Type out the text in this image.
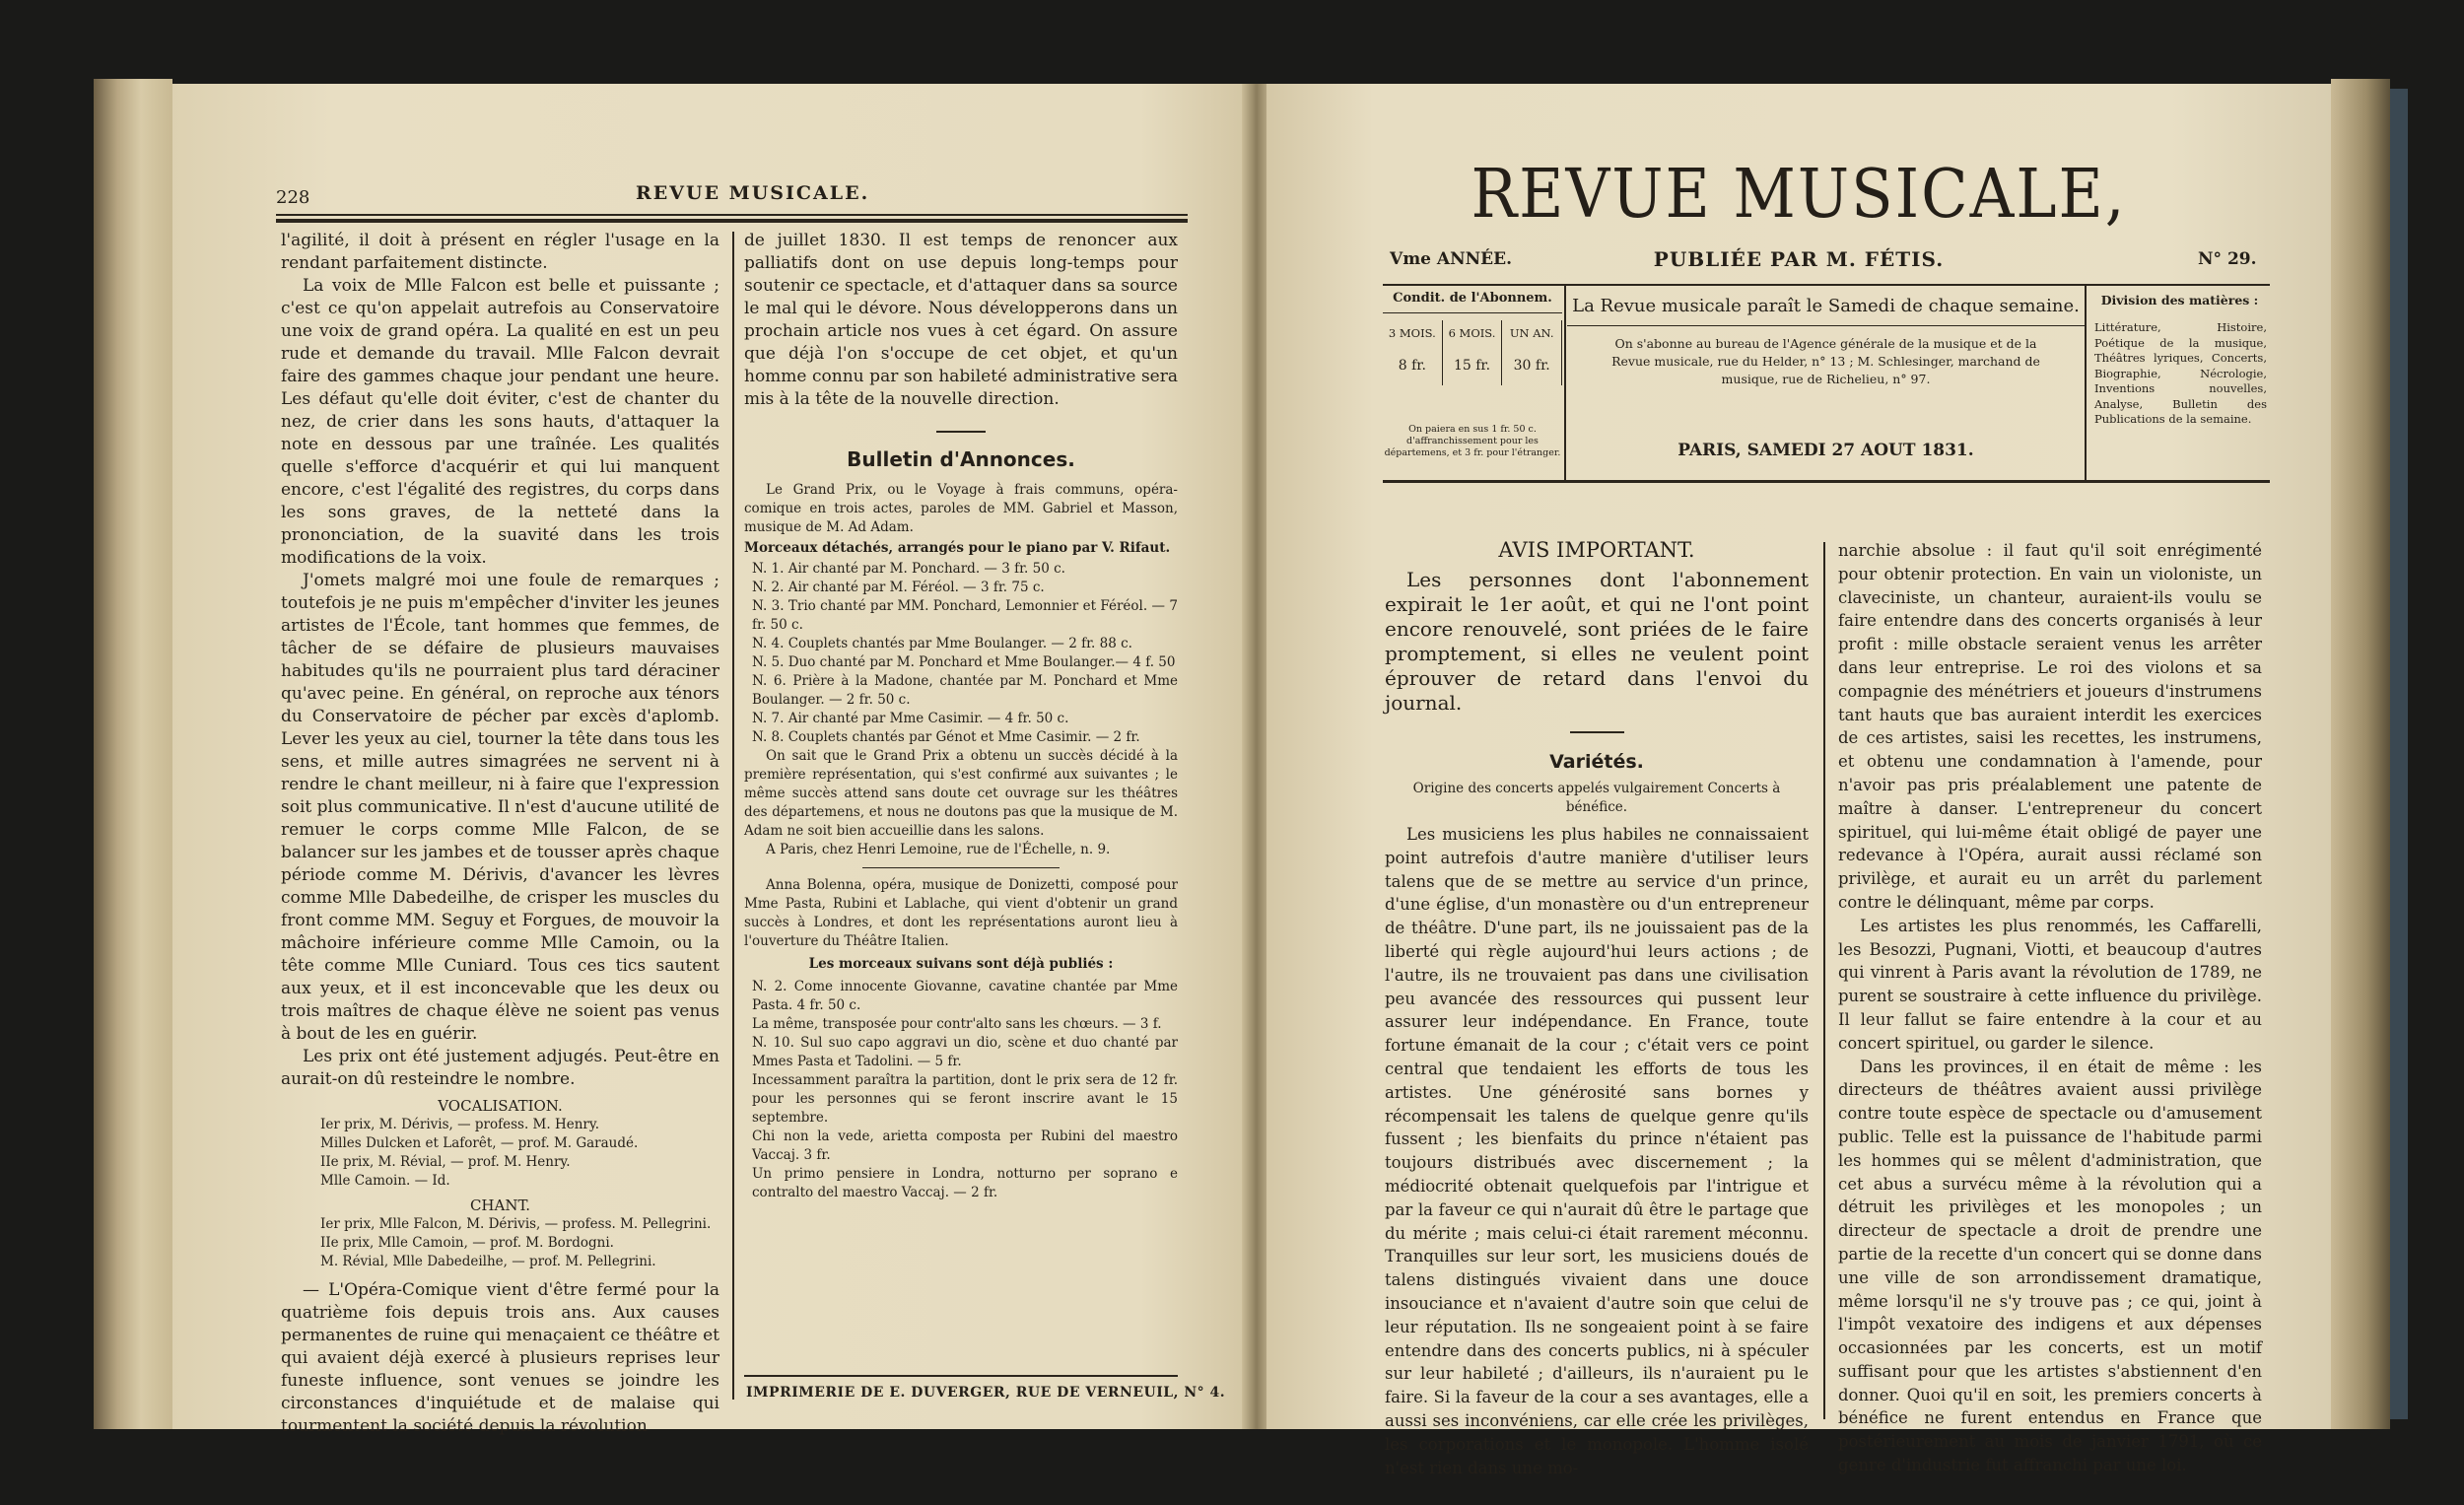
228	REVUE MUSICALE.

l'agilité, il doit à présent en régler l'usage en la rendant parfaitement distincte.

La voix de Mlle Falcon est belle et puissante ; c'est ce qu'on appelait autrefois au Conservatoire une voix de grand opéra. La qualité en est un peu rude et demande du travail. Mlle Falcon devrait faire des gammes chaque jour pendant une heure. Les défaut qu'elle doit éviter, c'est de chanter du nez, de crier dans les sons hauts, d'attaquer la note en dessous par une traînée. Les qualités quelle s'efforce d'acquérir et qui lui manquent encore, c'est l'égalité des registres, du corps dans les sons graves, de la netteté dans la prononciation, de la suavité dans les trois modifications de la voix.

J'omets malgré moi une foule de remarques ; toutefois je ne puis m'empêcher d'inviter les jeunes artistes de l'École, tant hommes que femmes, de tâcher de se défaire de plusieurs mauvaises habitudes qu'ils ne pourraient plus tard déraciner qu'avec peine. En général, on reproche aux ténors du Conservatoire de pécher par excès d'aplomb. Lever les yeux au ciel, tourner la tête dans tous les sens, et mille autres simagrées ne servent ni à rendre le chant meilleur, ni à faire que l'expression soit plus communicative. Il n'est d'aucune utilité de remuer le corps comme Mlle Falcon, de se balancer sur les jambes et de tousser après chaque période comme M. Dérivis, d'avancer les lèvres comme Mlle Dabedeilhe, de crisper les muscles du front comme MM. Seguy et Forgues, de mouvoir la mâchoire inférieure comme Mlle Camoin, ou la tête comme Mlle Cuniard. Tous ces tics sautent aux yeux, et il est inconcevable que les deux ou trois maîtres de chaque élève ne soient pas venus à bout de les en guérir.

Les prix ont été justement adjugés. Peut-être en aurait-on dû resteindre le nombre.

VOCALISATION.
Ier prix, M. Dérivis, — profess. M. Henry.
Milles Dulcken et Laforêt, — prof. M. Garaudé.
IIe prix, M. Révial, — prof. M. Henry.
Mlle Camoin. — Id.
CHANT.
Ier prix, Mlle Falcon, M. Dérivis, — profess. M. Pellegrini.
IIe prix, Mlle Camoin, — prof. M. Bordogni.
M. Révial, Mlle Dabedeilhe, — prof. M. Pellegrini.

— L'Opéra-Comique vient d'être fermé pour la quatrième fois depuis trois ans. Aux causes permanentes de ruine qui menaçaient ce théâtre et qui avaient déjà exercé à plusieurs reprises leur funeste influence, sont venues se joindre les circonstances d'inquiétude et de malaise qui tourmentent la société depuis la révolution

de juillet 1830. Il est temps de renoncer aux palliatifs dont on use depuis long-temps pour soutenir ce spectacle, et d'attaquer dans sa source le mal qui le dévore. Nous développerons dans un prochain article nos vues à cet égard. On assure que déjà l'on s'occupe de cet objet, et qu'un homme connu par son habileté administrative sera mis à la tête de la nouvelle direction.

Bulletin d'Annonces.

Le Grand Prix, ou le Voyage à frais communs, opéra-comique en trois actes, paroles de MM. Gabriel et Masson, musique de M. Ad Adam.

Morceaux détachés, arrangés pour le piano par V. Rifaut.
N. 1. Air chanté par M. Ponchard. — 3 fr. 50 c.
N. 2. Air chanté par M. Féréol. — 3 fr. 75 c.
N. 3. Trio chanté par MM. Ponchard, Lemonnier et Féréol. — 7 fr. 50 c.
N. 4. Couplets chantés par Mme Boulanger. — 2 fr. 88 c.
N. 5. Duo chanté par M. Ponchard et Mme Boulanger.— 4 f. 50
N. 6. Prière à la Madone, chantée par M. Ponchard et Mme Boulanger. — 2 fr. 50 c.
N. 7. Air chanté par Mme Casimir. — 4 fr. 50 c.
N. 8. Couplets chantés par Génot et Mme Casimir. — 2 fr.

On sait que le Grand Prix a obtenu un succès décidé à la première représentation, qui s'est confirmé aux suivantes ; le même succès attend sans doute cet ouvrage sur les théâtres des départemens, et nous ne doutons pas que la musique de M. Adam ne soit bien accueillie dans les salons.

A Paris, chez Henri Lemoine, rue de l'Échelle, n. 9.

Anna Bolenna, opéra, musique de Donizetti, composé pour Mme Pasta, Rubini et Lablache, qui vient d'obtenir un grand succès à Londres, et dont les représentations auront lieu à l'ouverture du Théâtre Italien.

Les morceaux suivans sont déjà publiés :
N. 2. Come innocente Giovanne, cavatine chantée par Mme Pasta. 4 fr. 50 c.
La même, transposée pour contr'alto sans les chœurs. — 3 f.
N. 10. Sul suo capo aggravi un dio, scène et duo chanté par Mmes Pasta et Tadolini. — 5 fr.
Incessamment paraîtra la partition, dont le prix sera de 12 fr. pour les personnes qui se feront inscrire avant le 15 septembre.
Chi non la vede, arietta composta per Rubini del maestro Vaccaj. 3 fr.
Un primo pensiere in Londra, notturno per soprano e contralto del maestro Vaccaj. — 2 fr.
IMPRIMERIE DE E. DUVERGER, RUE DE VERNEUIL, N° 4.
REVUE MUSICALE,
Vme ANNÉE.	PUBLIÉE PAR M. FÉTIS.	N° 29.
Condit. de l'Abonnem.
3 MOIS.	6 MOIS.	UN AN.
8 fr.	15 fr.	30 fr.
On paiera en sus 1 fr. 50 c. d'affranchissement pour les départemens, et 3 fr. pour l'étranger.
La Revue musicale paraît le Samedi de chaque semaine.
On s'abonne au bureau de l'Agence générale de la musique et de la Revue musicale, rue du Helder, n° 13 ; M. Schlesinger, marchand de musique, rue de Richelieu, n° 97.
PARIS, SAMEDI 27 AOUT 1831.
Division des matières :
Littérature, Histoire, Poétique de la musique, Théâtres lyriques, Concerts, Biographie, Nécrologie, Inventions nouvelles, Analyse, Bulletin des Publications de la semaine.
AVIS IMPORTANT.

Les personnes dont l'abonnement expirait le 1er août, et qui ne l'ont point encore renouvelé, sont priées de le faire promptement, si elles ne veulent point éprouver de retard dans l'envoi du journal.

Variétés.
Origine des concerts appelés vulgairement Concerts à bénéfice.

Les musiciens les plus habiles ne connaissaient point autrefois d'autre manière d'utiliser leurs talens que de se mettre au service d'un prince, d'une église, d'un monastère ou d'un entrepreneur de théâtre. D'une part, ils ne jouissaient pas de la liberté qui règle aujourd'hui leurs actions ; de l'autre, ils ne trouvaient pas dans une civilisation peu avancée des ressources qui pussent leur assurer leur indépendance. En France, toute fortune émanait de la cour ; c'était vers ce point central que tendaient les efforts de tous les artistes. Une générosité sans bornes y récompensait les talens de quelque genre qu'ils fussent ; les bienfaits du prince n'étaient pas toujours distribués avec discernement ; la médiocrité obtenait quelquefois par l'intrigue et par la faveur ce qui n'aurait dû être le partage que du mérite ; mais celui-ci était rarement méconnu. Tranquilles sur leur sort, les musiciens doués de talens distingués vivaient dans une douce insouciance et n'avaient d'autre soin que celui de leur réputation. Ils ne songeaient point à se faire entendre dans des concerts publics, ni à spéculer sur leur habileté ; d'ailleurs, ils n'auraient pu le faire. Si la faveur de la cour a ses avantages, elle a aussi ses inconvéniens, car elle crée les privilèges, les corporations et le monopole. L'homme isolé n'est rien dans une mo-

narchie absolue : il faut qu'il soit enrégimenté pour obtenir protection. En vain un violoniste, un claveciniste, un chanteur, auraient-ils voulu se faire entendre dans des concerts organisés à leur profit : mille obstacle seraient venus les arrêter dans leur entreprise. Le roi des violons et sa compagnie des ménétriers et joueurs d'instrumens tant hauts que bas auraient interdit les exercices de ces artistes, saisi les recettes, les instrumens, et obtenu une condamnation à l'amende, pour n'avoir pas pris préalablement une patente de maître à danser. L'entrepreneur du concert spirituel, qui lui-même était obligé de payer une redevance à l'Opéra, aurait aussi réclamé son privilège, et aurait eu un arrêt du parlement contre le délinquant, même par corps.

Les artistes les plus renommés, les Caffarelli, les Besozzi, Pugnani, Viotti, et beaucoup d'autres qui vinrent à Paris avant la révolution de 1789, ne purent se soustraire à cette influence du privilège. Il leur fallut se faire entendre à la cour et au concert spirituel, ou garder le silence.

Dans les provinces, il en était de même : les directeurs de théâtres avaient aussi privilège contre toute espèce de spectacle ou d'amusement public. Telle est la puissance de l'habitude parmi les hommes qui se mêlent d'administration, que cet abus a survécu même à la révolution qui a détruit les privilèges et les monopoles ; un directeur de spectacle a droit de prendre une partie de la recette d'un concert qui se donne dans une ville de son arrondissement dramatique, même lorsqu'il ne s'y trouve pas ; ce qui, joint à l'impôt vexatoire des indigens et aux dépenses occasionnées par les concerts, est un motif suffisant pour que les artistes s'abstiennent d'en donner. Quoi qu'il en soit, les premiers concerts à bénéfice ne furent entendus en France que postérieurement au mois de janvier 1791, où ce genre d'industrie fut affranchi par une loi.
